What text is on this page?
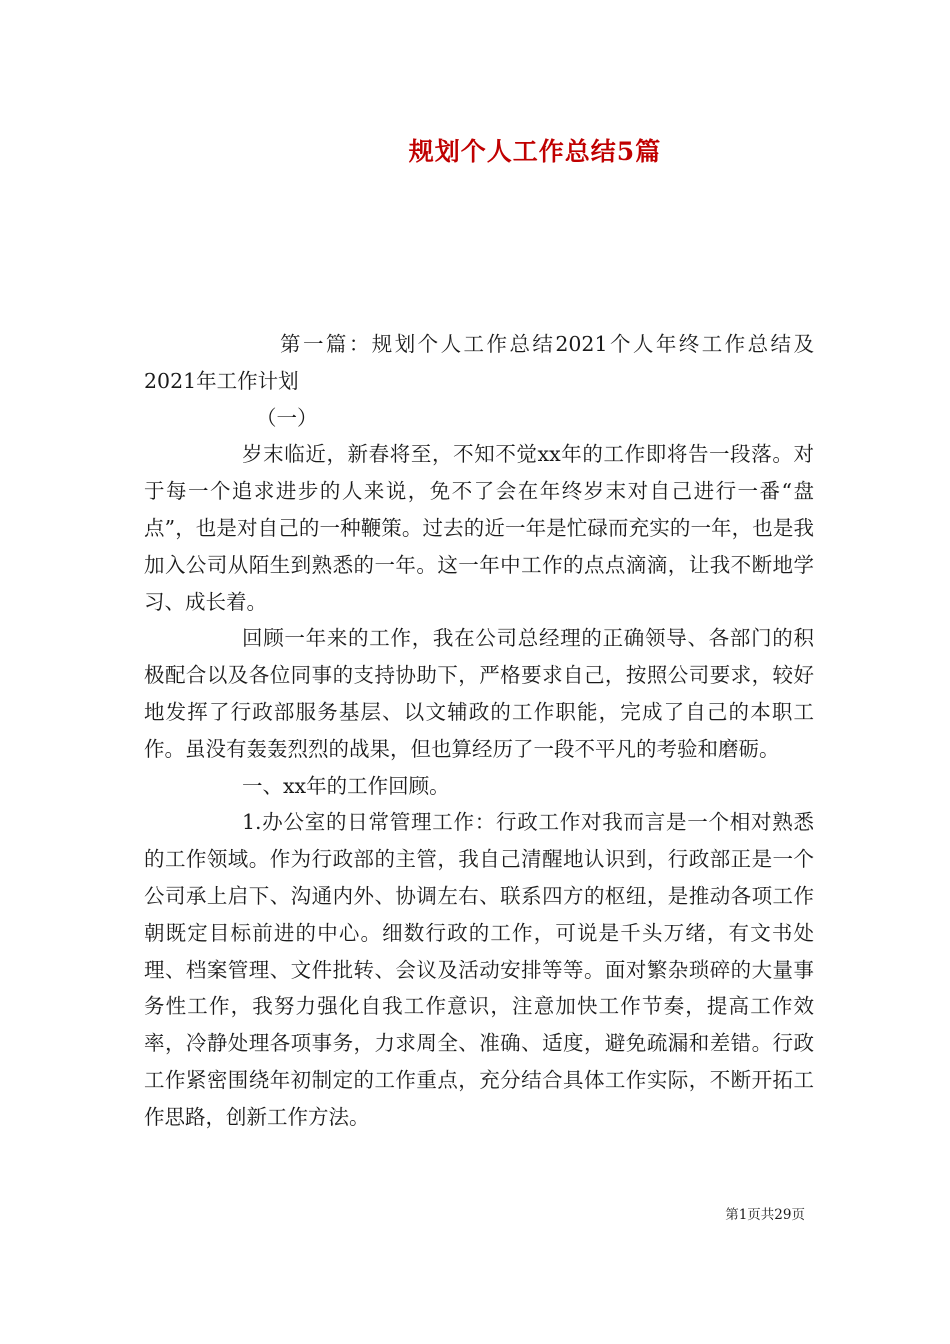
规划个人工作总结5篇

第一篇：规划个人工作总结2021个人年终工作总结及2021年工作计划

（一）

岁末临近，新春将至，不知不觉xx年的工作即将告一段落。对于每一个追求进步的人来说，免不了会在年终岁末对自己进行一番“盘点”，也是对自己的一种鞭策。过去的近一年是忙碌而充实的一年，也是我加入公司从陌生到熟悉的一年。这一年中工作的点点滴滴，让我不断地学习、成长着。

回顾一年来的工作，我在公司总经理的正确领导、各部门的积极配合以及各位同事的支持协助下，严格要求自己，按照公司要求，较好地发挥了行政部服务基层、以文辅政的工作职能，完成了自己的本职工作。虽没有轰轰烈烈的战果，但也算经历了一段不平凡的考验和磨砺。

一、xx年的工作回顾。

1.办公室的日常管理工作：行政工作对我而言是一个相对熟悉的工作领域。作为行政部的主管，我自己清醒地认识到，行政部正是一个公司承上启下、沟通内外、协调左右、联系四方的枢纽，是推动各项工作朝既定目标前进的中心。细数行政的工作，可说是千头万绪，有文书处理、档案管理、文件批转、会议及活动安排等等。面对繁杂琐碎的大量事务性工作，我努力强化自我工作意识，注意加快工作节奏，提高工作效率，冷静处理各项事务，力求周全、准确、适度，避免疏漏和差错。行政工作紧密围绕年初制定的工作重点，充分结合具体工作实际，不断开拓工作思路，创新工作方法。

第1页共29页
